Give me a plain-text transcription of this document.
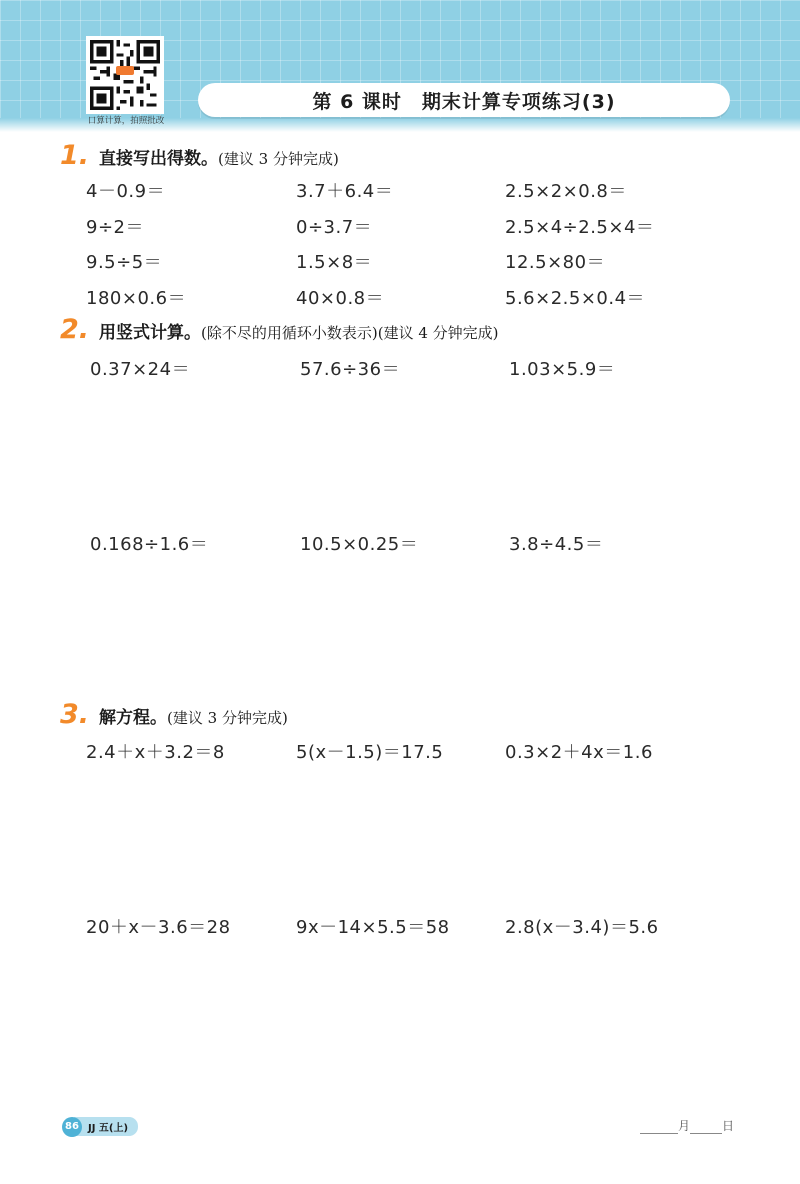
口算计算，拍照批改
第 6 课时　期末计算专项练习(3)
1. 直接写出得数。 (建议 3 分钟完成)
4－0.9＝	3.7＋6.4＝	2.5×2×0.8＝
9÷2＝	0÷3.7＝	2.5×4÷2.5×4＝
9.5÷5＝	1.5×8＝	12.5×80＝
180×0.6＝	40×0.8＝	5.6×2.5×0.4＝
2. 用竖式计算。 (除不尽的用循环小数表示)(建议 4 分钟完成)
0.37×24＝	57.6÷36＝	1.03×5.9＝
0.168÷1.6＝	10.5×0.25＝	3.8÷4.5＝
3. 解方程。 (建议 3 分钟完成)
2.4＋x＋3.2＝8	5(x－1.5)＝17.5	0.3×2＋4x＝1.6
20＋x－3.6＝28	9x－14×5.5＝58	2.8(x－3.4)＝5.6
86 JJ 五(上)	月	日
